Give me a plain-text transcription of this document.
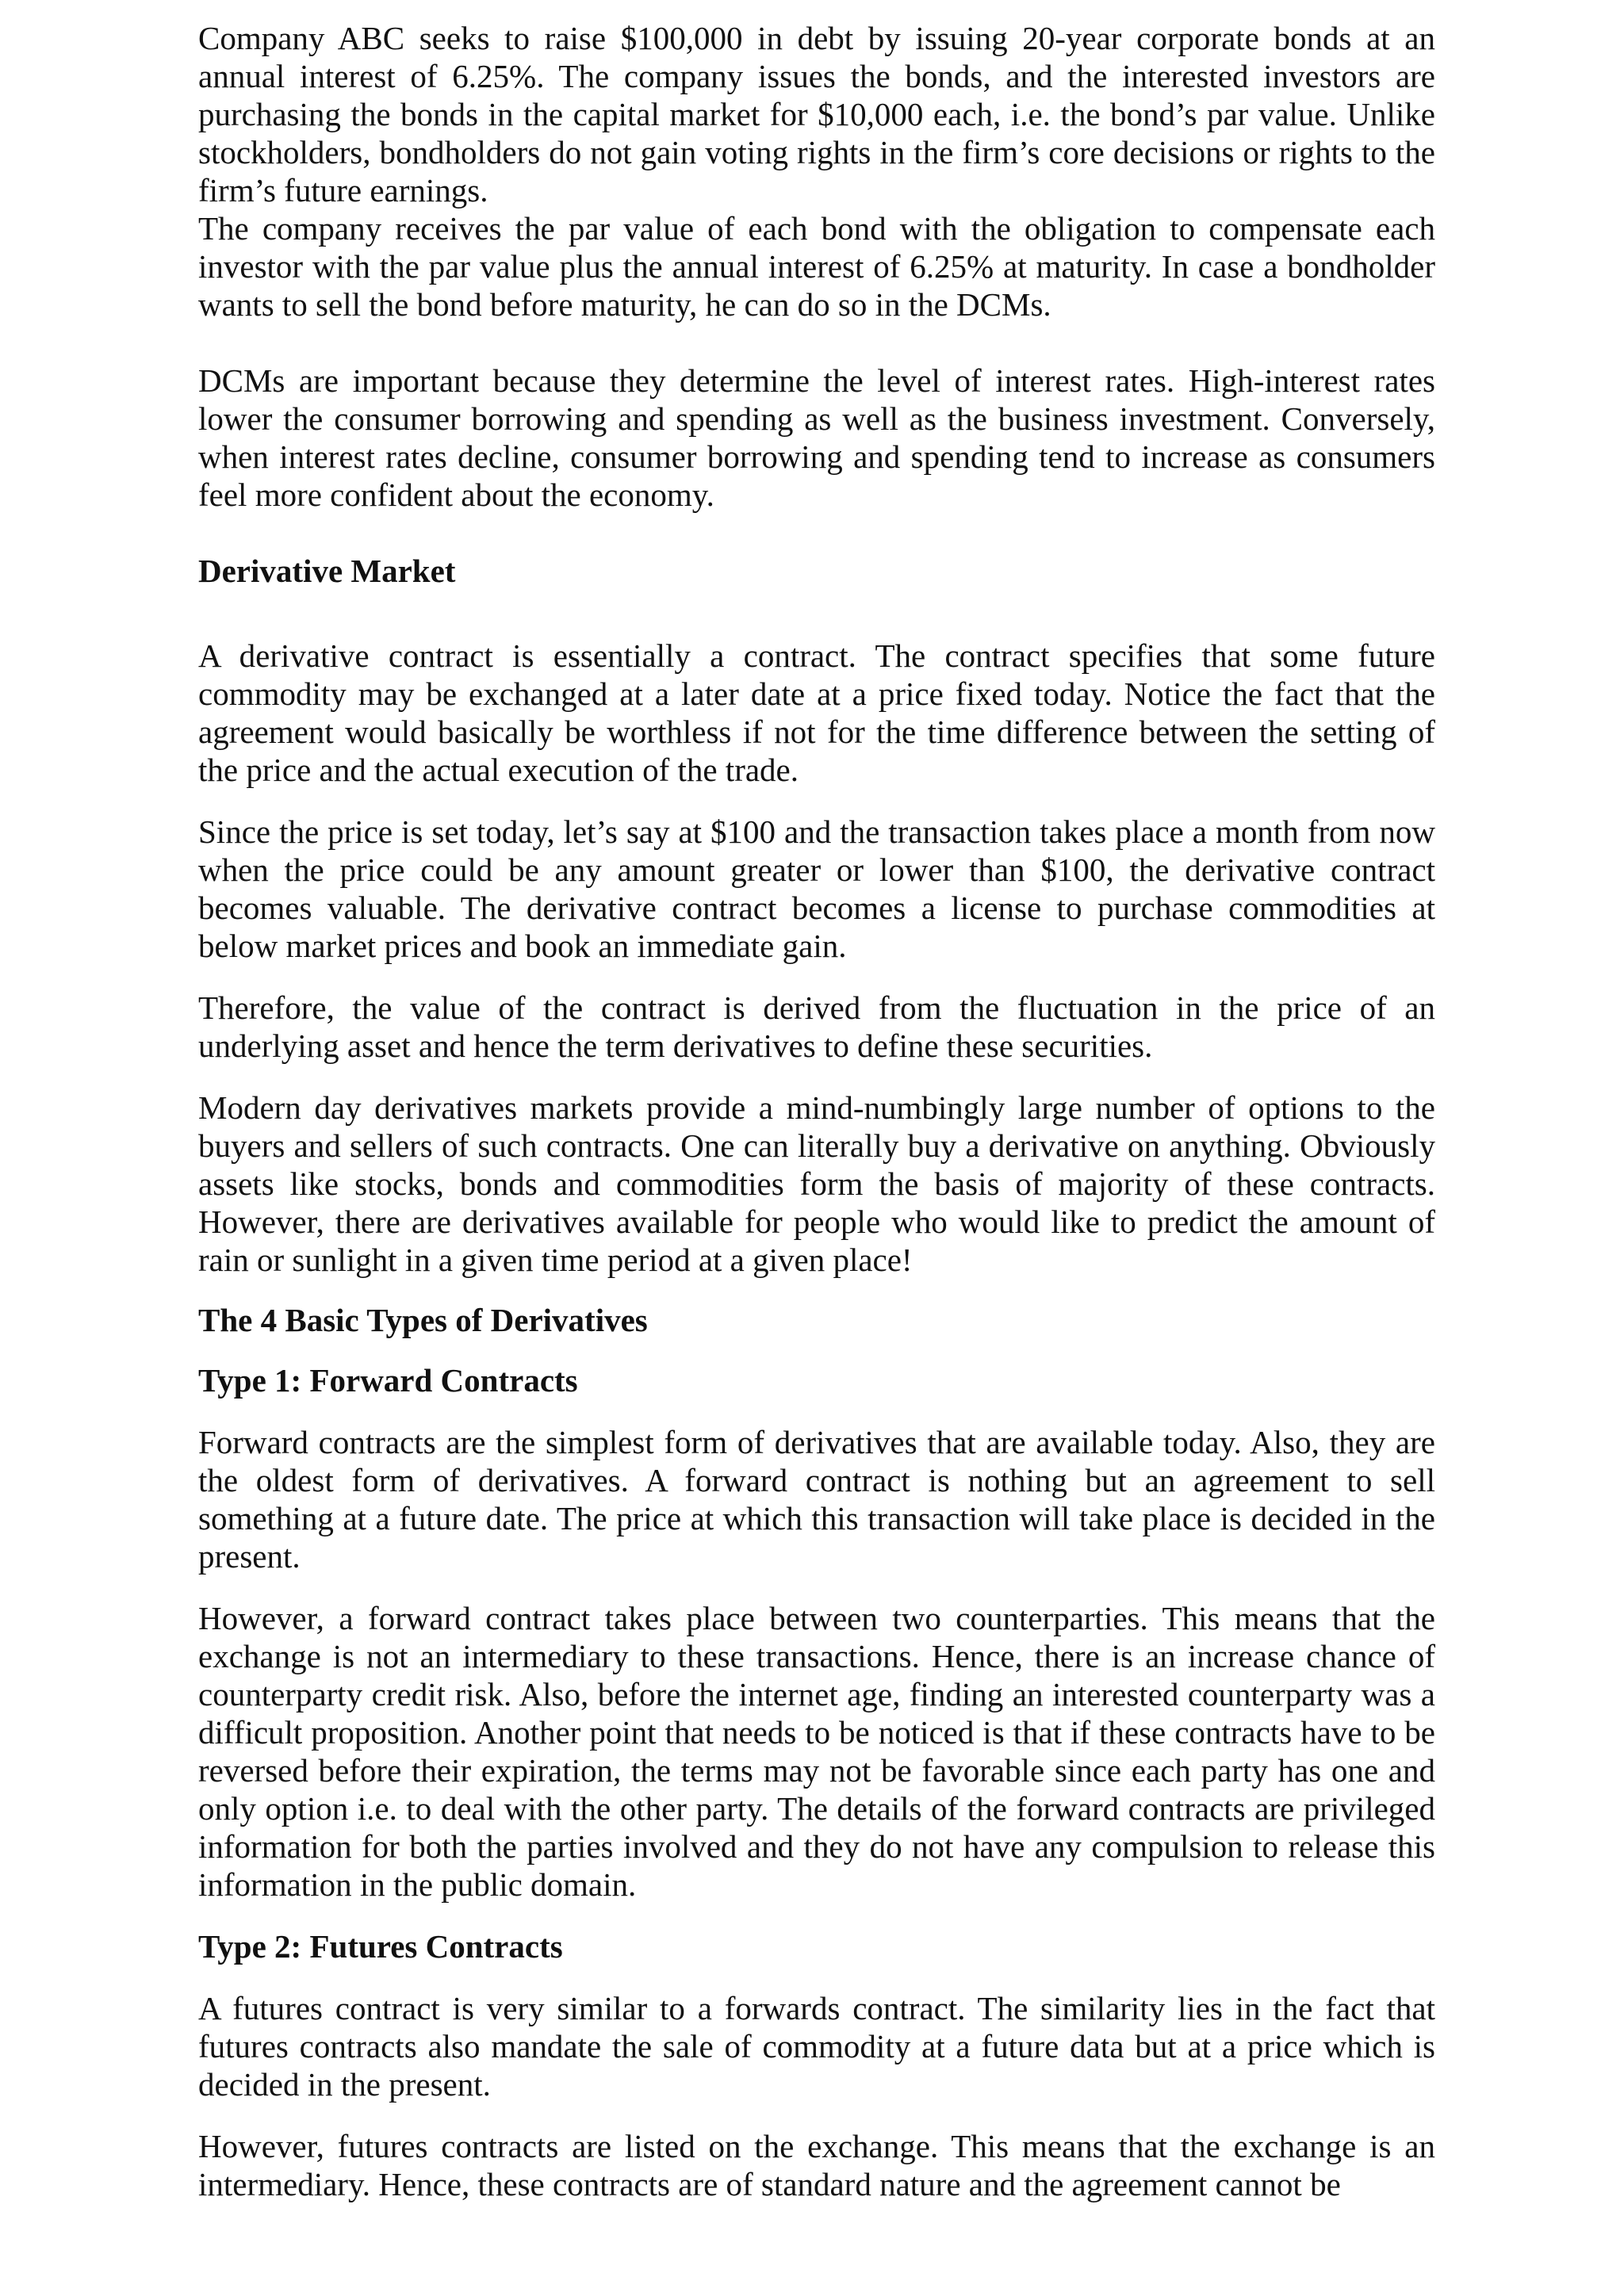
Company ABC seeks to raise $100,000 in debt by issuing 20-year corporate bonds at an annual interest of 6.25%. The company issues the bonds, and the interested investors are purchasing the bonds in the capital market for $10,000 each, i.e. the bond’s par value. Unlike stockholders, bondholders do not gain voting rights in the firm’s core decisions or rights to the firm’s future earnings.

The company receives the par value of each bond with the obligation to compensate each investor with the par value plus the annual interest of 6.25% at maturity. In case a bondholder wants to sell the bond before maturity, he can do so in the DCMs.

DCMs are important because they determine the level of interest rates. High-interest rates lower the consumer borrowing and spending as well as the business investment. Conversely, when interest rates decline, consumer borrowing and spending tend to increase as consumers feel more confident about the economy.

Derivative Market

A derivative contract is essentially a contract. The contract specifies that some future commodity may be exchanged at a later date at a price fixed today. Notice the fact that the agreement would basically be worthless if not for the time difference between the setting of the price and the actual execution of the trade.

Since the price is set today, let’s say at $100 and the transaction takes place a month from now when the price could be any amount greater or lower than $100, the derivative contract becomes valuable. The derivative contract becomes a license to purchase commodities at below market prices and book an immediate gain.

Therefore, the value of the contract is derived from the fluctuation in the price of an underlying asset and hence the term derivatives to define these securities.

Modern day derivatives markets provide a mind-numbingly large number of options to the buyers and sellers of such contracts. One can literally buy a derivative on anything. Obviously assets like stocks, bonds and commodities form the basis of majority of these contracts. However, there are derivatives available for people who would like to predict the amount of rain or sunlight in a given time period at a given place!

The 4 Basic Types of Derivatives
Type 1: Forward Contracts

Forward contracts are the simplest form of derivatives that are available today. Also, they are the oldest form of derivatives. A forward contract is nothing but an agreement to sell something at a future date. The price at which this transaction will take place is decided in the present.

However, a forward contract takes place between two counterparties. This means that the exchange is not an intermediary to these transactions. Hence, there is an increase chance of counterparty credit risk. Also, before the internet age, finding an interested counterparty was a difficult proposition. Another point that needs to be noticed is that if these contracts have to be reversed before their expiration, the terms may not be favorable since each party has one and only option i.e. to deal with the other party. The details of the forward contracts are privileged information for both the parties involved and they do not have any compulsion to release this information in the public domain.

Type 2: Futures Contracts

A futures contract is very similar to a forwards contract. The similarity lies in the fact that futures contracts also mandate the sale of commodity at a future data but at a price which is decided in the present.

However, futures contracts are listed on the exchange. This means that the exchange is an intermediary. Hence, these contracts are of standard nature and the agreement cannot be
